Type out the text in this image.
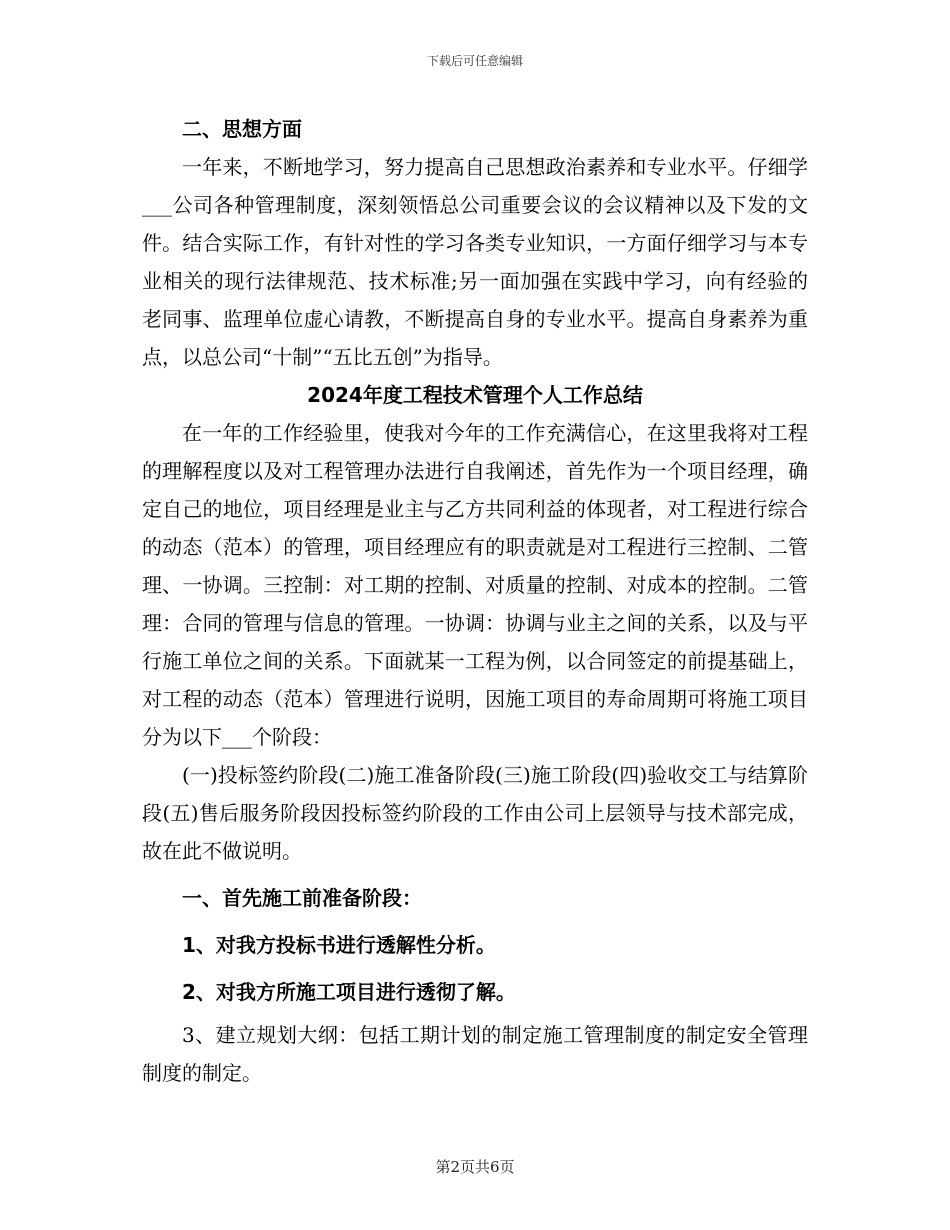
下载后可任意编辑

二、思想方面

一年来，不断地学习，努力提高自己思想政治素养和专业水平。仔细学___公司各种管理制度，深刻领悟总公司重要会议的会议精神以及下发的文件。结合实际工作，有针对性的学习各类专业知识，一方面仔细学习与本专业相关的现行法律规范、技术标准;另一面加强在实践中学习，向有经验的老同事、监理单位虚心请教，不断提高自身的专业水平。提高自身素养为重点，以总公司“十制”“五比五创”为指导。

2024年度工程技术管理个人工作总结

在一年的工作经验里，使我对今年的工作充满信心，在这里我将对工程的理解程度以及对工程管理办法进行自我阐述，首先作为一个项目经理，确定自己的地位，项目经理是业主与乙方共同利益的体现者，对工程进行综合的动态（范本）的管理，项目经理应有的职责就是对工程进行三控制、二管理、一协调。三控制：对工期的控制、对质量的控制、对成本的控制。二管理：合同的管理与信息的管理。一协调：协调与业主之间的关系，以及与平行施工单位之间的关系。下面就某一工程为例，以合同签定的前提基础上，对工程的动态（范本）管理进行说明，因施工项目的寿命周期可将施工项目分为以下___个阶段：

(一)投标签约阶段(二)施工准备阶段(三)施工阶段(四)验收交工与结算阶段(五)售后服务阶段因投标签约阶段的工作由公司上层领导与技术部完成，故在此不做说明。

一、首先施工前准备阶段：

1、对我方投标书进行透解性分析。

2、对我方所施工项目进行透彻了解。

3、建立规划大纲：包括工期计划的制定施工管理制度的制定安全管理制度的制定。

第2页共6页
